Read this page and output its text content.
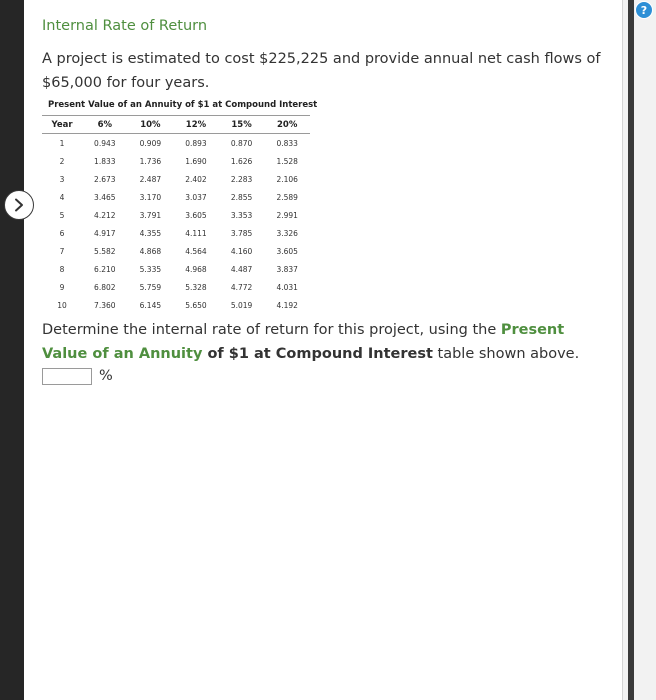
?
Internal Rate of Return
A project is estimated to cost $225,225 and provide annual net cash flows of $65,000 for four years.
Present Value of an Annuity of $1 at Compound Interest
Year	6%	10%	12%	15%	20%
1	0.943	0.909	0.893	0.870	0.833
2	1.833	1.736	1.690	1.626	1.528
3	2.673	2.487	2.402	2.283	2.106
4	3.465	3.170	3.037	2.855	2.589
5	4.212	3.791	3.605	3.353	2.991
6	4.917	4.355	4.111	3.785	3.326
7	5.582	4.868	4.564	4.160	3.605
8	6.210	5.335	4.968	4.487	3.837
9	6.802	5.759	5.328	4.772	4.031
10	7.360	6.145	5.650	5.019	4.192
Determine the internal rate of return for this project, using the Present Value of an Annuity of $1 at Compound Interest table shown above.
%
